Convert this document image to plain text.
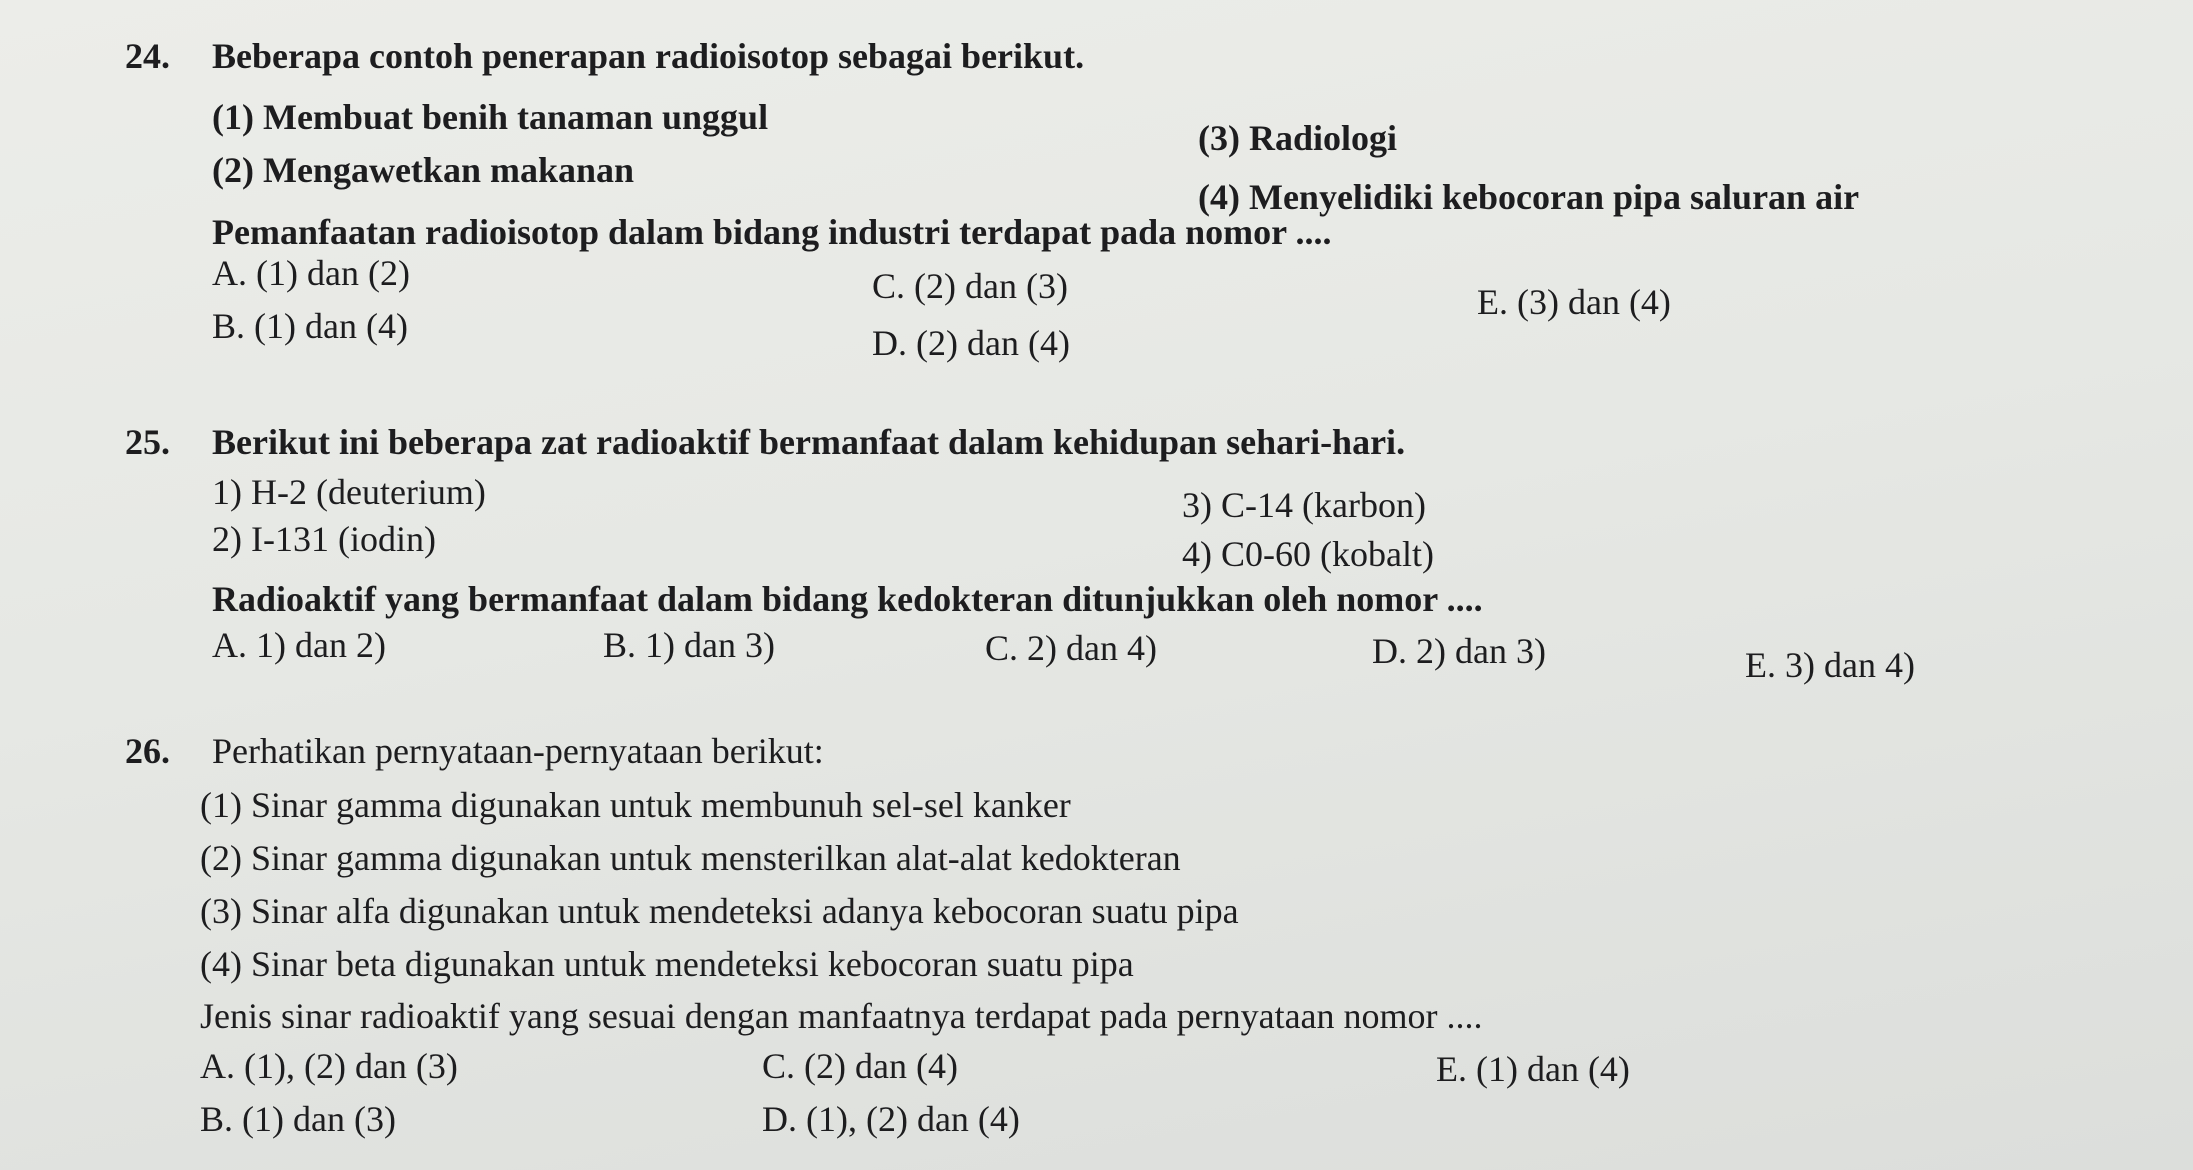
24. Beberapa contoh penerapan radioisotop sebagai berikut.
(1) Membuat benih tanaman unggul
(3) Radiologi
(2) Mengawetkan makanan
(4) Menyelidiki kebocoran pipa saluran air
Pemanfaatan radioisotop dalam bidang industri terdapat pada nomor ....
A. (1) dan (2)	C. (2) dan (3)	E. (3) dan (4)
B. (1) dan (4)	D. (2) dan (4)
25. Berikut ini beberapa zat radioaktif bermanfaat dalam kehidupan sehari-hari.
1) H-2 (deuterium)	3) C-14 (karbon)
2) I-131 (iodin)	4) C0-60 (kobalt)
Radioaktif yang bermanfaat dalam bidang kedokteran ditunjukkan oleh nomor ....
A. 1) dan 2)	B. 1) dan 3)	C. 2) dan 4)	D. 2) dan 3)	E. 3) dan 4)
26. Perhatikan pernyataan-pernyataan berikut:
(1) Sinar gamma digunakan untuk membunuh sel-sel kanker
(2) Sinar gamma digunakan untuk mensterilkan alat-alat kedokteran
(3) Sinar alfa digunakan untuk mendeteksi adanya kebocoran suatu pipa
(4) Sinar beta digunakan untuk mendeteksi kebocoran suatu pipa
Jenis sinar radioaktif yang sesuai dengan manfaatnya terdapat pada pernyataan nomor ....
A. (1), (2) dan (3)	C. (2) dan (4)	E. (1) dan (4)
B. (1) dan (3)	D. (1), (2) dan (4)
